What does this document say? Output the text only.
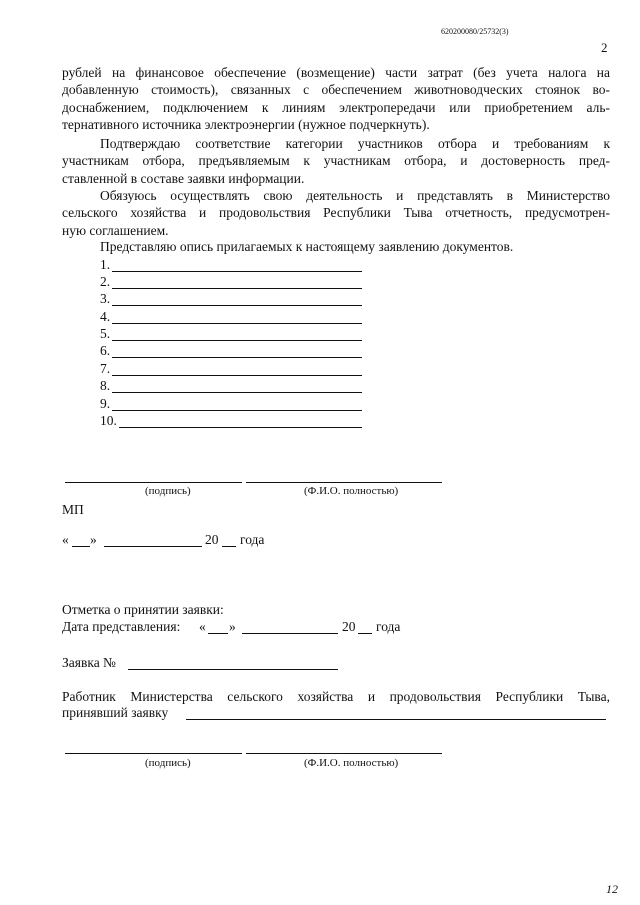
620200080/25732(3)
2
рублей на финансовое обеспечение (возмещение) части затрат (без учета налога на
добавленную стоимость), связанных с обеспечением животноводческих стоянок во-
доснабжением, подключением к линиям электропередачи или приобретением аль-
тернативного источника электроэнергии (нужное подчеркнуть).
Подтверждаю соответствие категории участников отбора и требованиям к
участникам отбора, предъявляемым к участникам отбора, и достоверность пред-
ставленной в составе заявки информации.
Обязуюсь осуществлять свою деятельность и представлять в Министерство
сельского хозяйства и продовольствия Республики Тыва отчетность, предусмотрен-
ную соглашением.
Представляю опись прилагаемых к настоящему заявлению документов.
1.
2.
3.
4.
5.
6.
7.
8.
9.
10.
(подпись)	(Ф.И.О. полностью)
МП
« »	20 года
Отметка о принятии заявки:
Дата представления: « »	20 года
Заявка №
Работник Министерства сельского хозяйства и продовольствия Республики Тыва,
принявший заявку
(подпись)	(Ф.И.О. полностью)
12
